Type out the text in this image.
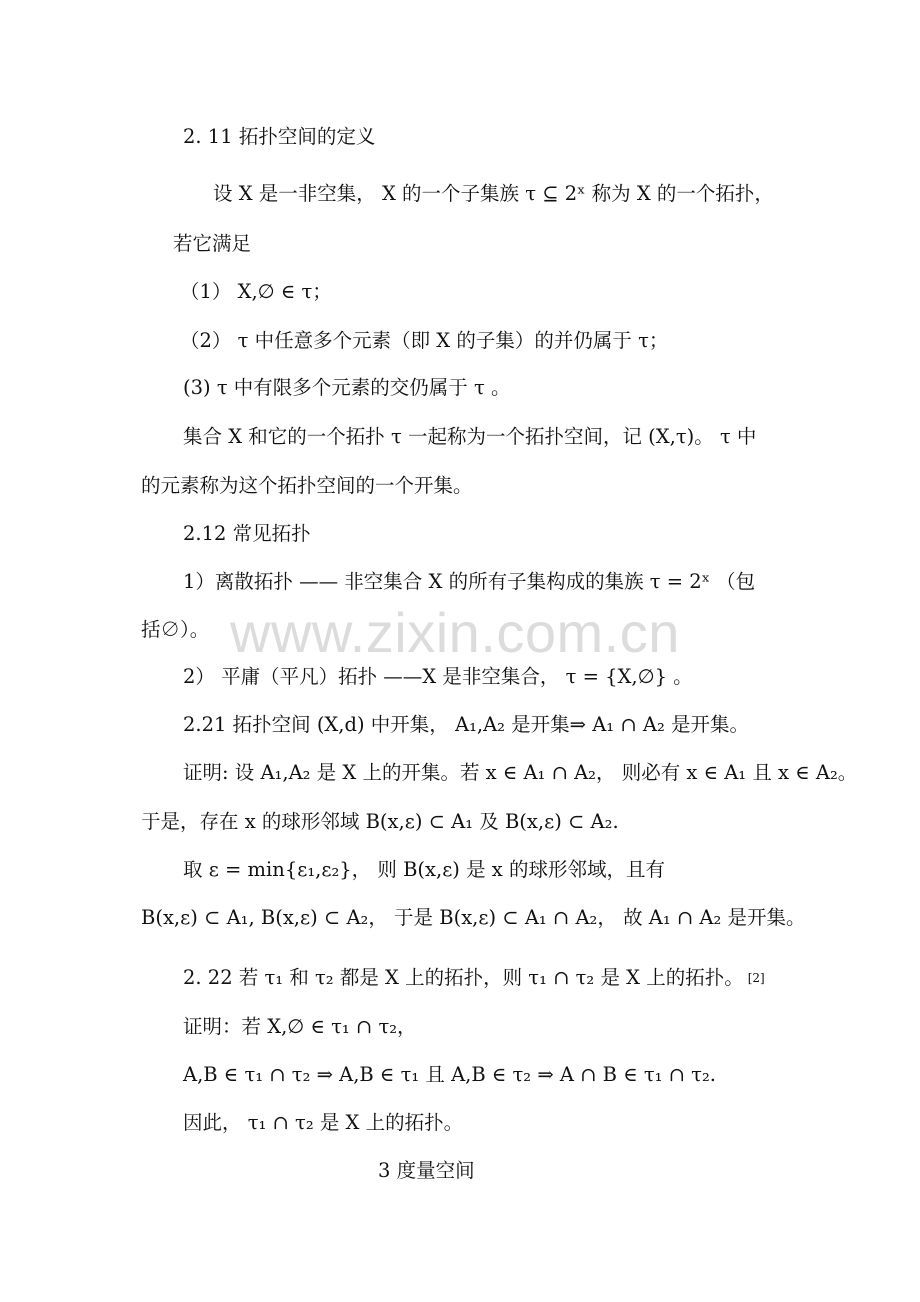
www.zixin.com.cn
2. 11 拓扑空间的定义
设 X 是一非空集， X 的一个子集族 τ ⊆ 2ˣ 称为 X 的一个拓扑，
若它满足
（1） X,∅ ∈ τ；
（2） τ 中任意多个元素（即 X 的子集）的并仍属于 τ；
(3) τ 中有限多个元素的交仍属于 τ 。
集合 X 和它的一个拓扑 τ 一起称为一个拓扑空间，记 (X,τ)。 τ 中
的元素称为这个拓扑空间的一个开集。
2.12 常见拓扑
1）离散拓扑 —— 非空集合 X 的所有子集构成的集族 τ = 2ˣ （包
括∅）。
2） 平庸（平凡）拓扑 ——X 是非空集合， τ = {X,∅} 。
2.21 拓扑空间 (X,d) 中开集， A₁,A₂ 是开集⇒ A₁ ∩ A₂ 是开集。
证明: 设 A₁,A₂ 是 X 上的开集。若 x ∈ A₁ ∩ A₂， 则必有 x ∈ A₁ 且 x ∈ A₂。
于是，存在 x 的球形邻域 B(x,ε) ⊂ A₁ 及 B(x,ε) ⊂ A₂.
取 ε = min{ε₁,ε₂}， 则 B(x,ε) 是 x 的球形邻域，且有
B(x,ε) ⊂ A₁, B(x,ε) ⊂ A₂， 于是 B(x,ε) ⊂ A₁ ∩ A₂， 故 A₁ ∩ A₂ 是开集。
2. 22 若 τ₁ 和 τ₂ 都是 X 上的拓扑，则 τ₁ ∩ τ₂ 是 X 上的拓扑。 [2]
证明：若 X,∅ ∈ τ₁ ∩ τ₂，
A,B ∈ τ₁ ∩ τ₂ ⇒ A,B ∈ τ₁ 且 A,B ∈ τ₂ ⇒ A ∩ B ∈ τ₁ ∩ τ₂.
因此， τ₁ ∩ τ₂ 是 X 上的拓扑。
3 度量空间
